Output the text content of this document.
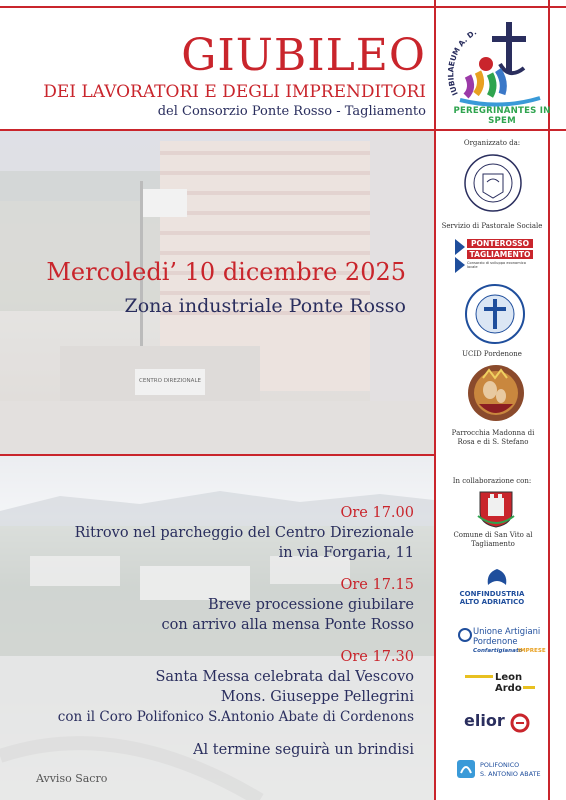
GIUBILEO
DEI LAVORATORI E DEGLI IMPRENDITORI
del Consorzio Ponte Rosso - Tagliamento
IUBILAEUM A. D.
PEREGRINANTES IN SPEM
CENTRO DIREZIONALE
Mercoledi’ 10 dicembre 2025
Zona industriale Ponte Rosso
Ore 17.00
Ritrovo nel parcheggio del Centro Direzionale
in via Forgaria, 11
Ore 17.15
Breve processione giubilare
con arrivo alla mensa Ponte Rosso
Ore 17.30
Santa Messa celebrata dal Vescovo
Mons. Giuseppe Pellegrini
con il Coro Polifonico S.Antonio Abate di Cordenons
Al termine seguirà un brindisi
Avviso Sacro
Organizzato da:
Servizio di Pastorale Sociale
PONTEROSSO
TAGLIAMENTO
Consorzio di sviluppo economico locale
UCID Pordenone
Parrocchia Madonna di Rosa e di S. Stefano
In collaborazione con:
Comune di San Vito al Tagliamento
CONFINDUSTRIA
ALTO ADRIATICO
Unione Artigiani
Pordenone
Confartigianato
IMPRESE
Leon
Ardo
elior
POLIFONICO
S. ANTONIO ABATE
